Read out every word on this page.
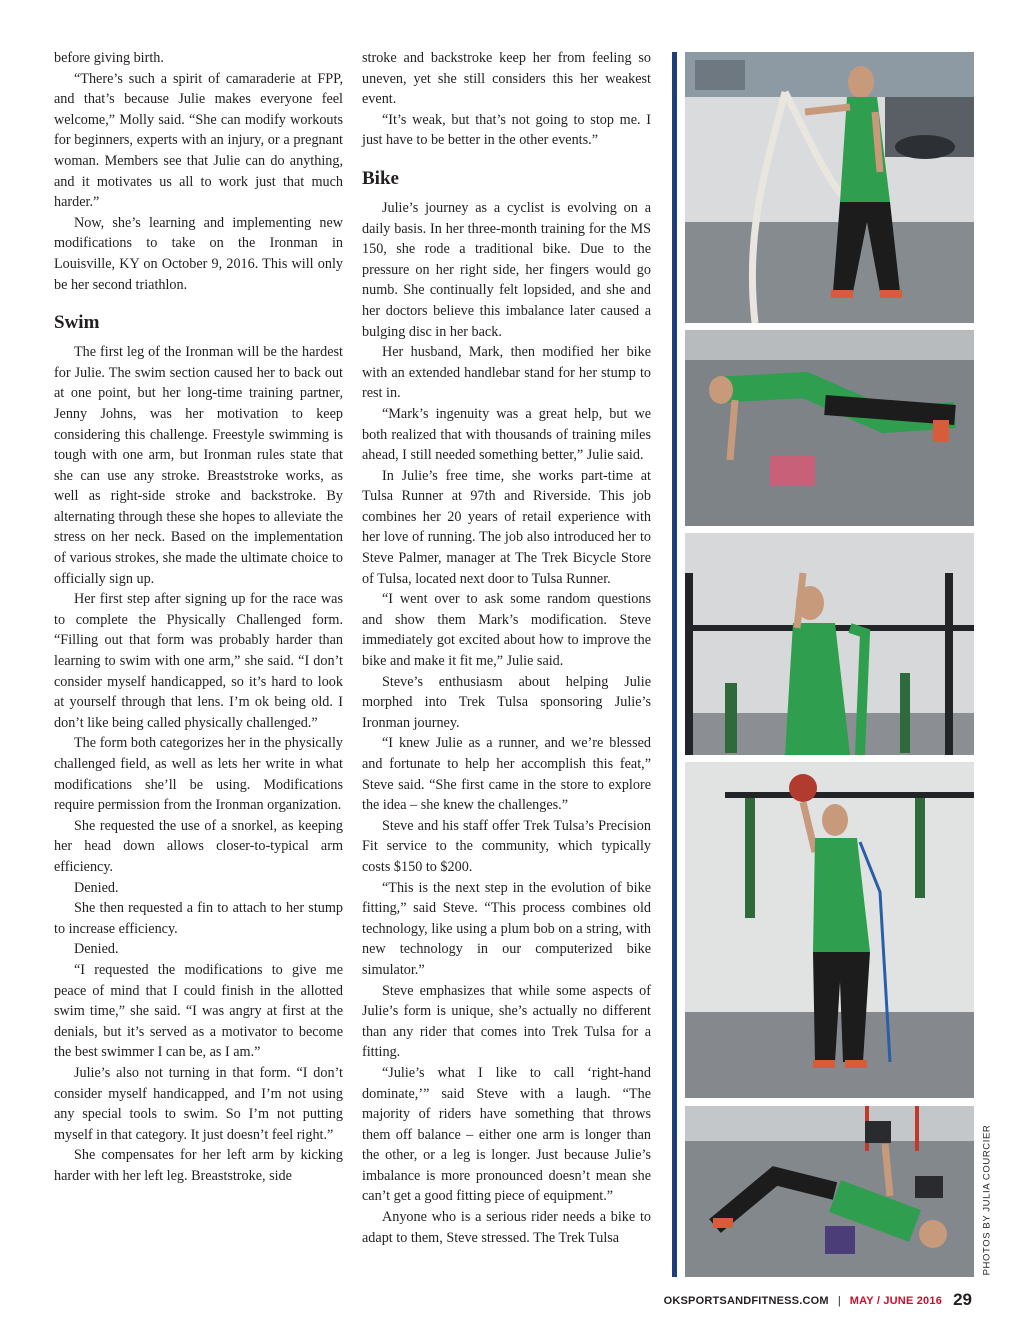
before giving birth.

“There’s such a spirit of camaraderie at FPP, and that’s because Julie makes everyone feel welcome,” Molly said. “She can modify workouts for beginners, experts with an injury, or a pregnant woman. Members see that Julie can do anything, and it motivates us all to work just that much harder.”

Now, she’s learning and implementing new modifications to take on the Ironman in Louisville, KY on October 9, 2016. This will only be her second triathlon.

Swim

The first leg of the Ironman will be the hardest for Julie. The swim section caused her to back out at one point, but her long-time training partner, Jenny Johns, was her motivation to keep considering this challenge. Freestyle swimming is tough with one arm, but Ironman rules state that she can use any stroke. Breaststroke works, as well as right-side stroke and backstroke. By alternating through these she hopes to alleviate the stress on her neck. Based on the implementation of various strokes, she made the ultimate choice to officially sign up.

Her first step after signing up for the race was to complete the Physically Challenged form. “Filling out that form was probably harder than learning to swim with one arm,” she said. “I don’t consider myself handicapped, so it’s hard to look at yourself through that lens. I’m ok being old. I don’t like being called physically challenged.”

The form both categorizes her in the physically challenged field, as well as lets her write in what modifications she’ll be using. Modifications require permission from the Ironman organization.

She requested the use of a snorkel, as keeping her head down allows closer-to-typical arm efficiency.

Denied.

She then requested a fin to attach to her stump to increase efficiency.

Denied.

“I requested the modifications to give me peace of mind that I could finish in the allotted swim time,” she said. “I was angry at first at the denials, but it’s served as a motivator to become the best swimmer I can be, as I am.”

Julie’s also not turning in that form. “I don’t consider myself handicapped, and I’m not using any special tools to swim. So I’m not putting myself in that category. It just doesn’t feel right.”

She compensates for her left arm by kicking harder with her left leg. Breaststroke, side

stroke and backstroke keep her from feeling so uneven, yet she still considers this her weakest event.

“It’s weak, but that’s not going to stop me. I just have to be better in the other events.”

Bike

Julie’s journey as a cyclist is evolving on a daily basis. In her three-month training for the MS 150, she rode a traditional bike. Due to the pressure on her right side, her fingers would go numb. She continually felt lopsided, and she and her doctors believe this imbalance later caused a bulging disc in her back.

Her husband, Mark, then modified her bike with an extended handlebar stand for her stump to rest in.

“Mark’s ingenuity was a great help, but we both realized that with thousands of training miles ahead, I still needed something better,” Julie said.

In Julie’s free time, she works part-time at Tulsa Runner at 97th and Riverside. This job combines her 20 years of retail experience with her love of running. The job also introduced her to Steve Palmer, manager at The Trek Bicycle Store of Tulsa, located next door to Tulsa Runner.

“I went over to ask some random questions and show them Mark’s modification. Steve immediately got excited about how to improve the bike and make it fit me,” Julie said.

Steve’s enthusiasm about helping Julie morphed into Trek Tulsa sponsoring Julie’s Ironman journey.

“I knew Julie as a runner, and we’re blessed and fortunate to help her accomplish this feat,” Steve said. “She first came in the store to explore the idea – she knew the challenges.”

Steve and his staff offer Trek Tulsa’s Precision Fit service to the community, which typically costs $150 to $200.

“This is the next step in the evolution of bike fitting,” said Steve. “This process combines old technology, like using a plum bob on a string, with new technology in our computerized bike simulator.”

Steve emphasizes that while some aspects of Julie’s form is unique, she’s actually no different than any rider that comes into Trek Tulsa for a fitting.

“Julie’s what I like to call ‘right-hand dominate,’” said Steve with a laugh. “The majority of riders have something that throws them off balance – either one arm is longer than the other, or a leg is longer. Just because Julie’s imbalance is more pronounced doesn’t mean she can’t get a good fitting piece of equipment.”

Anyone who is a serious rider needs a bike to adapt to them, Steve stressed. The Trek Tulsa	PHOTOS BY JULIA COURCIER
OKSPORTSANDFITNESS.COM | MAY / JUNE 2016 29
